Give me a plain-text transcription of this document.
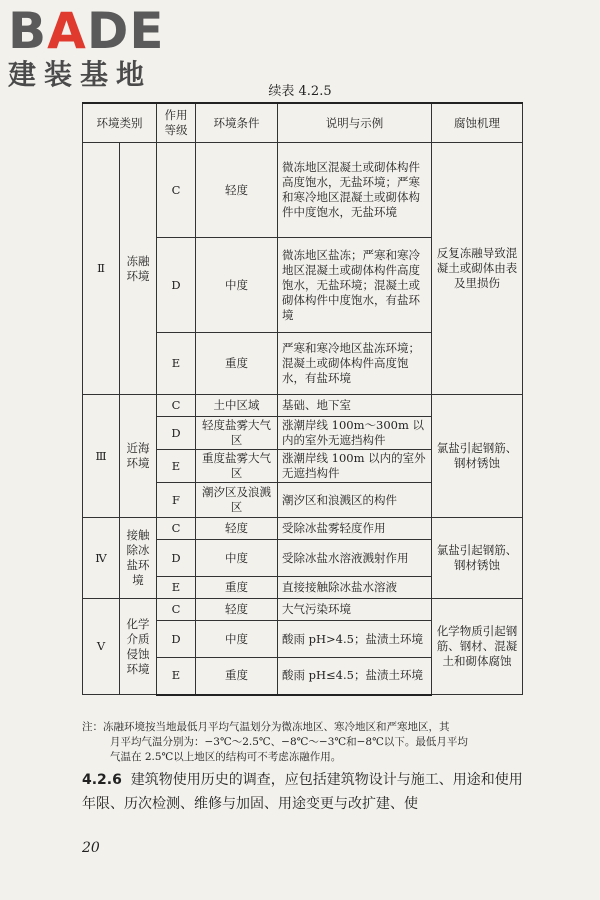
BADE
建装基地
续表 4.2.5
环境类别		作用等级	环境条件	说明与示例	腐蚀机理
Ⅱ	冻融环境	C	轻度	微冻地区混凝土或砌体构件高度饱水，无盐环境；严寒和寒冷地区混凝土或砌体构件中度饱水，无盐环境	反复冻融导致混凝土或砌体由表及里损伤
		D	中度	微冻地区盐冻；严寒和寒冷地区混凝土或砌体构件高度饱水，无盐环境；混凝土或砌体构件中度饱水，有盐环境	
		E	重度	严寒和寒冷地区盐冻环境；混凝土或砌体构件高度饱水，有盐环境	
Ⅲ	近海环境	C	土中区域	基础、地下室	氯盐引起钢筋、钢材锈蚀
		D	轻度盐雾大气区	涨潮岸线 100m～300m 以内的室外无遮挡构件	
		E	重度盐雾大气区	涨潮岸线 100m 以内的室外无遮挡构件	
		F	潮汐区及浪溅区	潮汐区和浪溅区的构件	
Ⅳ	接触除冰盐环境	C	轻度	受除冰盐雾轻度作用	氯盐引起钢筋、钢材锈蚀
		D	中度	受除冰盐水溶液溅射作用	
		E	重度	直接接触除冰盐水溶液	
Ⅴ	化学介质侵蚀环境	C	轻度	大气污染环境	化学物质引起钢筋、钢材、混凝土和砌体腐蚀
		D	中度	酸雨 pH>4.5；盐渍土环境	
		E	重度	酸雨 pH≤4.5；盐渍土环境	

注：冻融环境按当地最低月平均气温划分为微冻地区、寒冷地区和严寒地区，其

月平均气温分别为：−3℃～2.5℃、−8℃～−3℃和−8℃以下。最低月平均

气温在 2.5℃以上地区的结构可不考虑冻融作用。

4.2.6 建筑物使用历史的调查，应包括建筑物设计与施工、用途和使用年限、历次检测、维修与加固、用途变更与改扩建、使
20
